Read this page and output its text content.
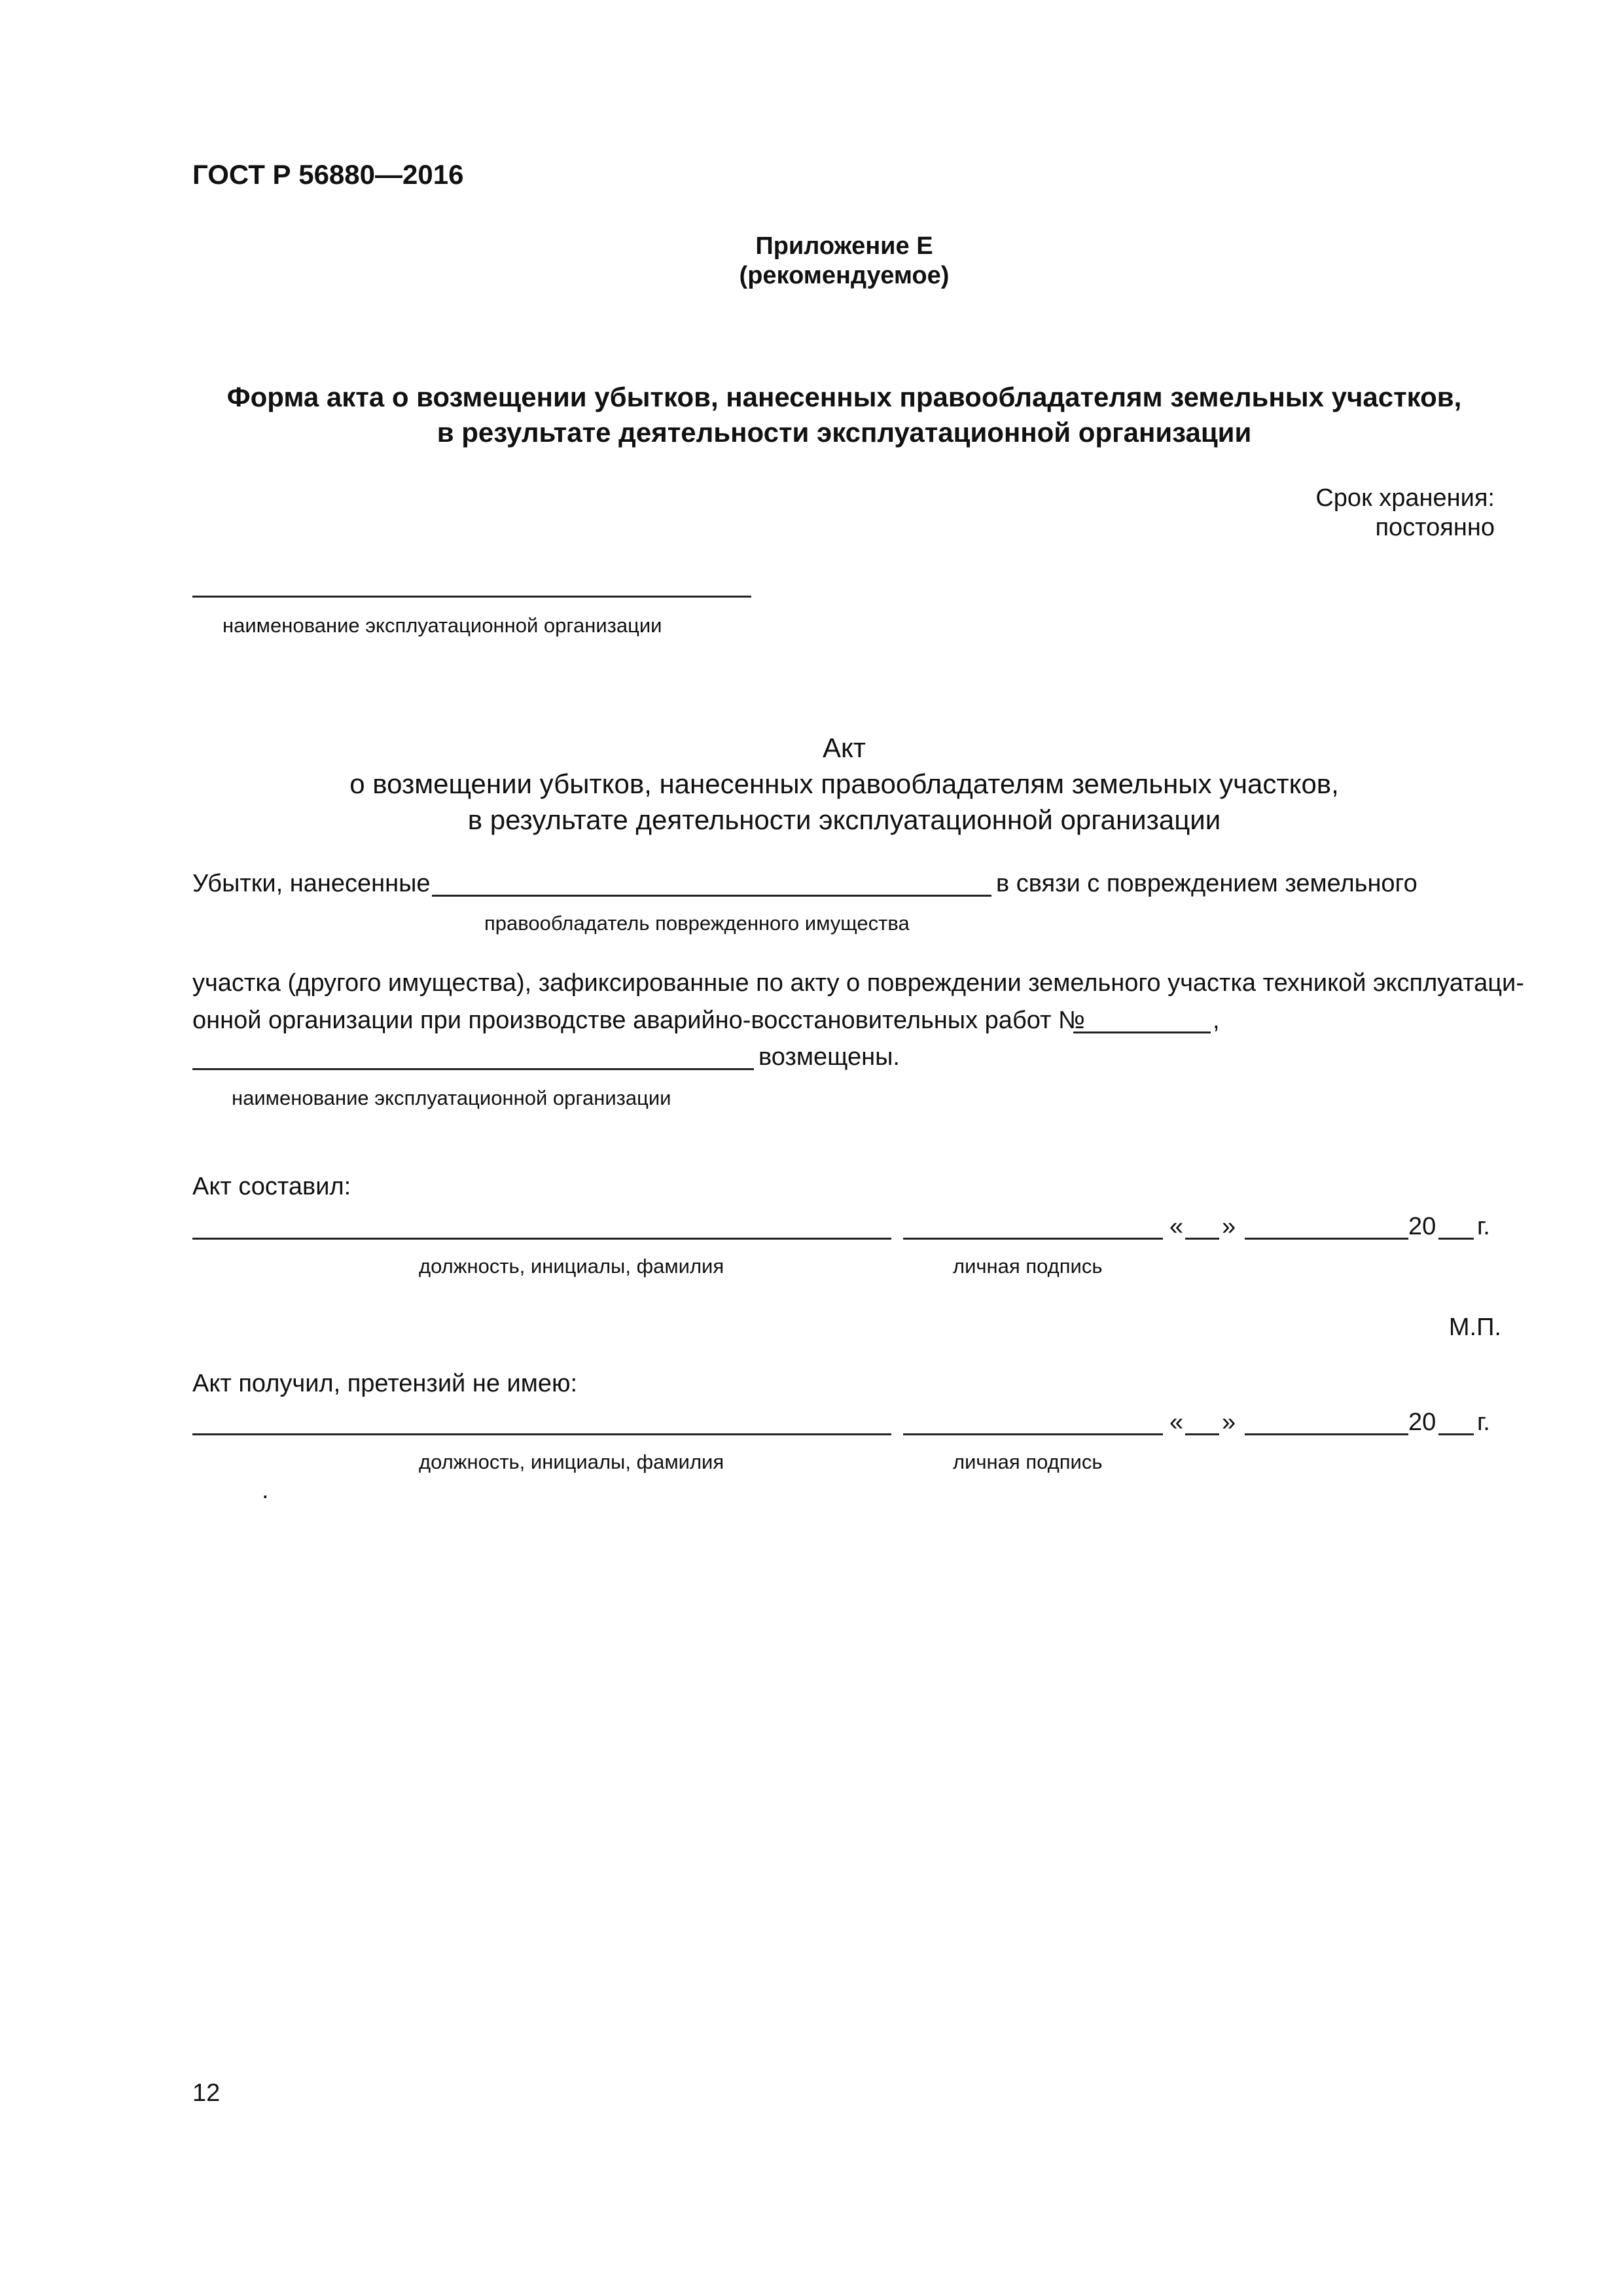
ГОСТ Р 56880—2016
Приложение Е
(рекомендуемое)
Форма акта о возмещении убытков, нанесенных правообладателям земельных участков,
в результате деятельности эксплуатационной организации
Срок хранения:
постоянно
наименование эксплуатационной организации
Акт
о возмещении убытков, нанесенных правообладателям земельных участков,
в результате деятельности эксплуатационной организации
Убытки, нанесенные	в связи с повреждением земельного
правообладатель поврежденного имущества
участка (другого имущества), зафиксированные по акту о повреждении земельного участка техникой эксплуатаци-
онной организации при производстве аварийно-восстановительных работ №	,
возмещены.
наименование эксплуатационной организации
Акт составил:
« »	20 г.
должность, инициалы, фамилия	личная подпись
М.П.
Акт получил, претензий не имею:
« »	20 г.
должность, инициалы, фамилия	личная подпись
.
12
